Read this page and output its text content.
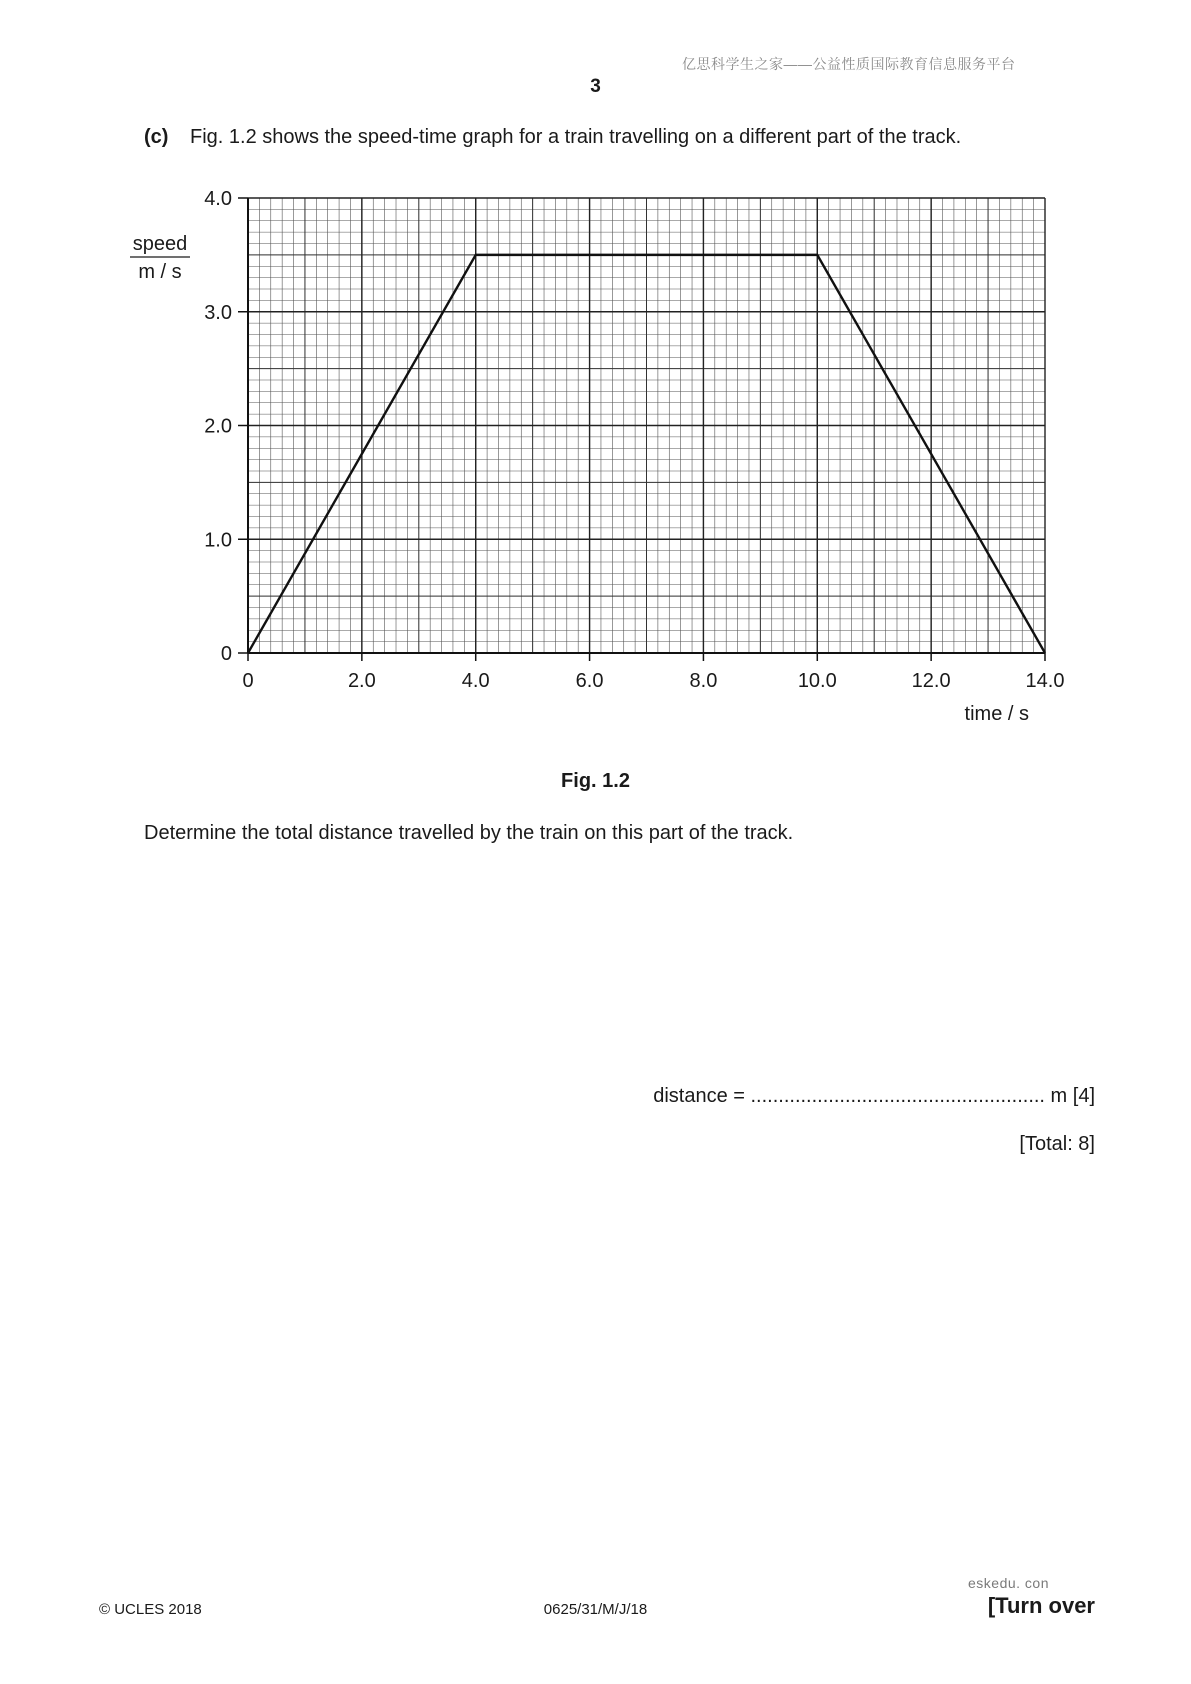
亿思科学生之家——公益性质国际教育信息服务平台
3
(c) Fig. 1.2 shows the speed-time graph for a train travelling on a different part of the track.
0	2.0	4.0	6.0	8.0	10.0	12.0	14.0
0
1.0
2.0
3.0
4.0
speed
m / s
time / s
Fig. 1.2
Determine the total distance travelled by the train on this part of the track.
distance = ..................................................... m [4]
[Total: 8]
eskedu. con
© UCLES 2018	0625/31/M/J/18	[Turn over
